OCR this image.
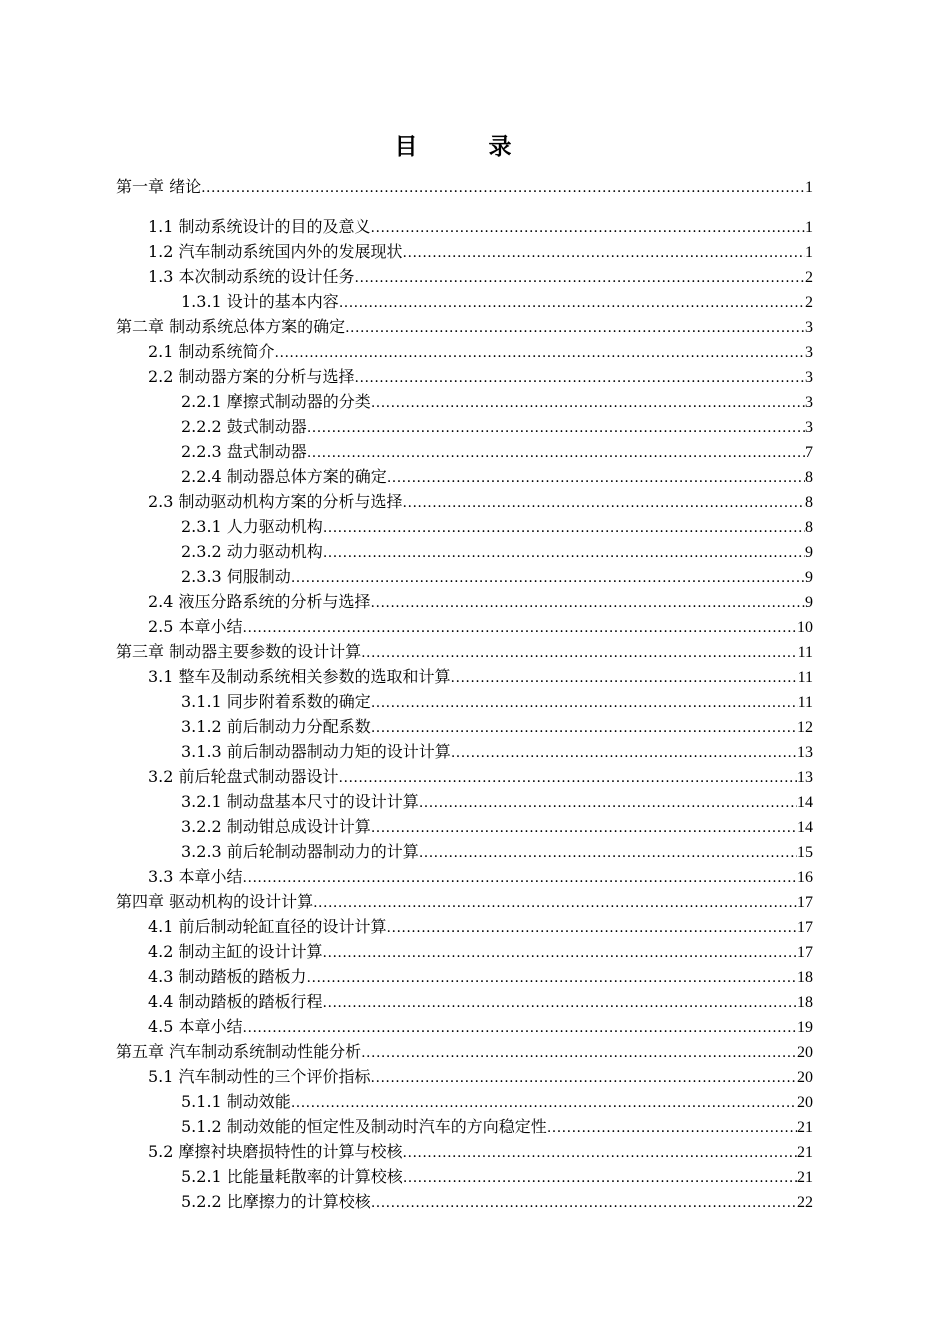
目　录
第一章 绪论 .....	1
1.1 制动系统设计的目的及意义 .....	1
1.2 汽车制动系统国内外的发展现状 .....	1
1.3 本次制动系统的设计任务 .....	2
1.3.1 设计的基本内容 .....	2
第二章 制动系统总体方案的确定 .....	3
2.1 制动系统简介 .....	3
2.2 制动器方案的分析与选择 .....	3
2.2.1 摩擦式制动器的分类 .....	3
2.2.2 鼓式制动器 .....	3
2.2.3 盘式制动器 .....	7
2.2.4 制动器总体方案的确定 .....	8
2.3 制动驱动机构方案的分析与选择 .....	8
2.3.1 人力驱动机构 .....	8
2.3.2 动力驱动机构 .....	9
2.3.3 伺服制动 .....	9
2.4 液压分路系统的分析与选择 .....	9
2.5 本章小结 .....	10
第三章 制动器主要参数的设计计算 .....	11
3.1 整车及制动系统相关参数的选取和计算 .....	11
3.1.1 同步附着系数的确定 .....	11
3.1.2 前后制动力分配系数 .....	12
3.1.3 前后制动器制动力矩的设计计算 .....	13
3.2 前后轮盘式制动器设计 .....	13
3.2.1 制动盘基本尺寸的设计计算 .....	14
3.2.2 制动钳总成设计计算 .....	14
3.2.3 前后轮制动器制动力的计算 .....	15
3.3 本章小结 .....	16
第四章 驱动机构的设计计算 .....	17
4.1 前后制动轮缸直径的设计计算 .....	17
4.2 制动主缸的设计计算 .....	17
4.3 制动踏板的踏板力 .....	18
4.4 制动踏板的踏板行程 .....	18
4.5 本章小结 .....	19
第五章 汽车制动系统制动性能分析 .....	20
5.1 汽车制动性的三个评价指标 .....	20
5.1.1 制动效能 .....	20
5.1.2 制动效能的恒定性及制动时汽车的方向稳定性 .....	21
5.2 摩擦衬块磨损特性的计算与校核 .....	21
5.2.1 比能量耗散率的计算校核 .....	21
5.2.2 比摩擦力的计算校核 .....	22
